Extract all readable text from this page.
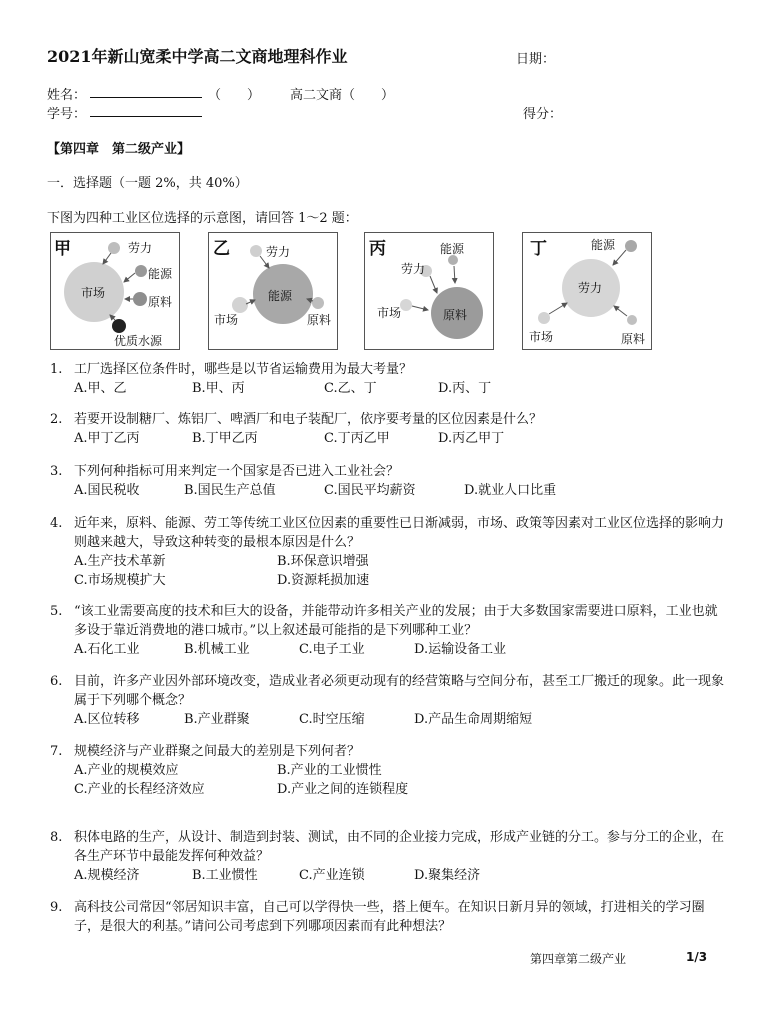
2021年新山宽柔中学高二文商地理科作业	日期：
姓名：	（　　） 高二文商（　　）
学号：	得分：
【第四章　第二级产业】
一．选择题（一题 2%，共 40%）
下图为四种工业区位选择的示意图，请回答 1～2 题：
甲	劳力
能源
市场
原料
优质水源
乙	劳力
能源
市场	原料
丙	能源
劳力
市场	原料
丁	能源
劳力
市场	原料
1. 工厂选择区位条件时，哪些是以节省运输费用为最大考量？
A.甲、乙	B.甲、丙	C.乙、丁	D.丙、丁
2. 若要开设制糖厂、炼铝厂、啤酒厂和电子装配厂，依序要考量的区位因素是什么？
A.甲丁乙丙	B.丁甲乙丙	C.丁丙乙甲	D.丙乙甲丁
3. 下列何种指标可用来判定一个国家是否已进入工业社会？
A.国民税收	B.国民生产总值	C.国民平均薪资	D.就业人口比重
4. 近年来，原料、能源、劳工等传统工业区位因素的重要性已日渐减弱，市场、政策等因素对工业区位选择的影响力则越来越大，导致这种转变的最根本原因是什么？
A.生产技术革新	B.环保意识增强
C.市场规模扩大	D.资源耗损加速
5. “该工业需要高度的技术和巨大的设备，并能带动许多相关产业的发展；由于大多数国家需要进口原料，工业也就多设于靠近消费地的港口城市。”以上叙述最可能指的是下列哪种工业？
A.石化工业	B.机械工业	C.电子工业	D.运输设备工业
6. 目前，许多产业因外部环境改变，造成业者必须更动现有的经营策略与空间分布，甚至工厂搬迁的现象。此一现象属于下列哪个概念？
A.区位转移	B.产业群聚	C.时空压缩	D.产品生命周期缩短
7. 规模经济与产业群聚之间最大的差别是下列何者？
A.产业的规模效应	B.产业的工业惯性
C.产业的长程经济效应	D.产业之间的连锁程度
8. 积体电路的生产，从设计、制造到封装、测试，由不同的企业接力完成，形成产业链的分工。参与分工的企业，在各生产环节中最能发挥何种效益？
A.规模经济	B.工业惯性	C.产业连锁	D.聚集经济
9. 高科技公司常因“邻居知识丰富，自己可以学得快一些，搭上便车。在知识日新月异的领域，打进相关的学习圈子，是很大的利基。”请问公司考虑到下列哪项因素而有此种想法？
第四章第二级产业	1/3
